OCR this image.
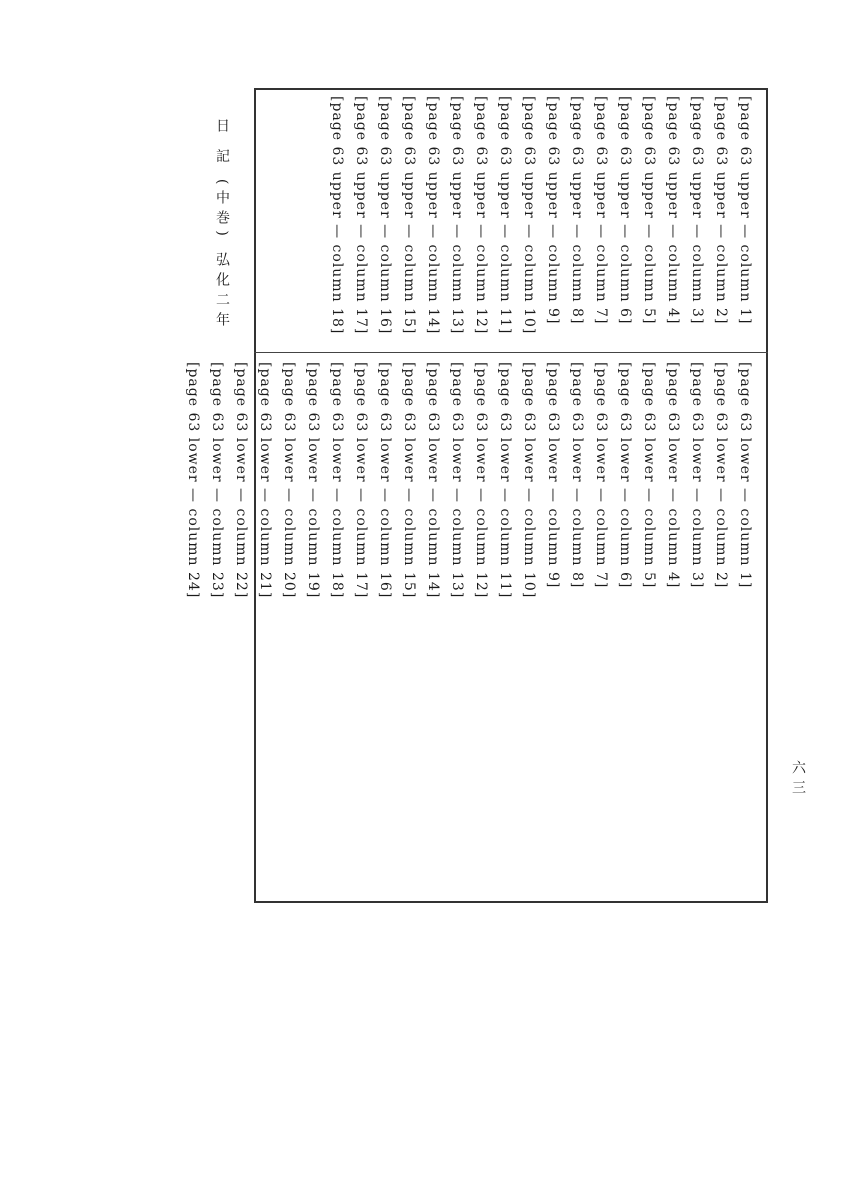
[page 63 upper — column 1]
[page 63 upper — column 2]
[page 63 upper — column 3]
[page 63 upper — column 4]
[page 63 upper — column 5]
[page 63 upper — column 6]
[page 63 upper — column 7]
[page 63 upper — column 8]
[page 63 upper — column 9]
[page 63 upper — column 10]
[page 63 upper — column 11]
[page 63 upper — column 12]
[page 63 upper — column 13]
[page 63 upper — column 14]
[page 63 upper — column 15]
[page 63 upper — column 16]
[page 63 upper — column 17]
[page 63 upper — column 18]
[page 63 lower — column 1]
[page 63 lower — column 2]
[page 63 lower — column 3]
[page 63 lower — column 4]
[page 63 lower — column 5]
[page 63 lower — column 6]
[page 63 lower — column 7]
[page 63 lower — column 8]
[page 63 lower — column 9]
[page 63 lower — column 10]
[page 63 lower — column 11]
[page 63 lower — column 12]
[page 63 lower — column 13]
[page 63 lower — column 14]
[page 63 lower — column 15]
[page 63 lower — column 16]
[page 63 lower — column 17]
[page 63 lower — column 18]
[page 63 lower — column 19]
[page 63 lower — column 20]
[page 63 lower — column 21]
[page 63 lower — column 22]
[page 63 lower — column 23]
[page 63 lower — column 24]
日 記 (中巻) 弘化二年
六三
